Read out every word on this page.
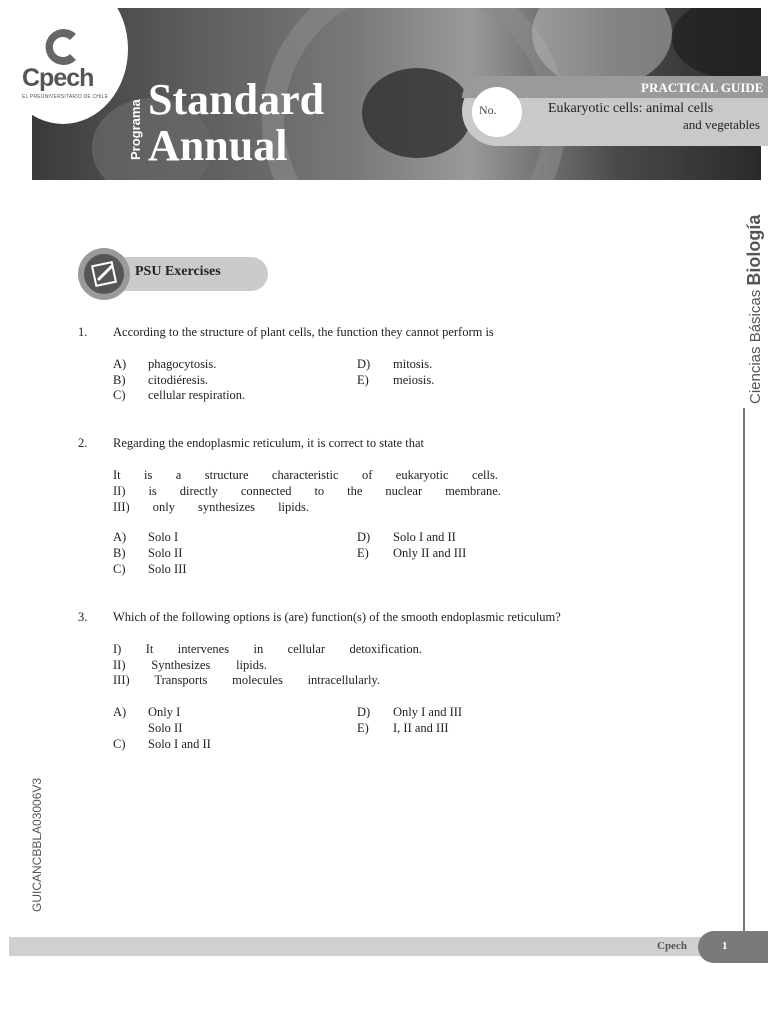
Cpech
EL PREUNIVERSITARIO DE CHILE
Programa Standard
Annual
PRACTICAL GUIDE
No.	Eukaryotic cells: animal cells
and vegetables
Ciencias Básicas Biología
GUICANCBBLA03006V3
PSU Exercises
1. According to the structure of plant cells, the function they cannot perform is
A) phagocytosis.
B) citodiéresis.
C) cellular respiration.
D) mitosis.
E) meiosis.
2. Regarding the endoplasmic reticulum, it is correct to state that
It is a structure characteristic of eukaryotic cells.
II) is directly connected to the nuclear membrane.
III) only synthesizes lipids.
A) Solo I
B) Solo II
C) Solo III
D) Solo I and II
E) Only II and III
3. Which of the following options is (are) function(s) of the smooth endoplasmic reticulum?
I) It intervenes in cellular detoxification.
II) Synthesizes lipids.
III) Transports molecules intracellularly.
A) Only I
Solo II
C) Solo I and II
D) Only I and III
E) I, II and III
Cpech	1
